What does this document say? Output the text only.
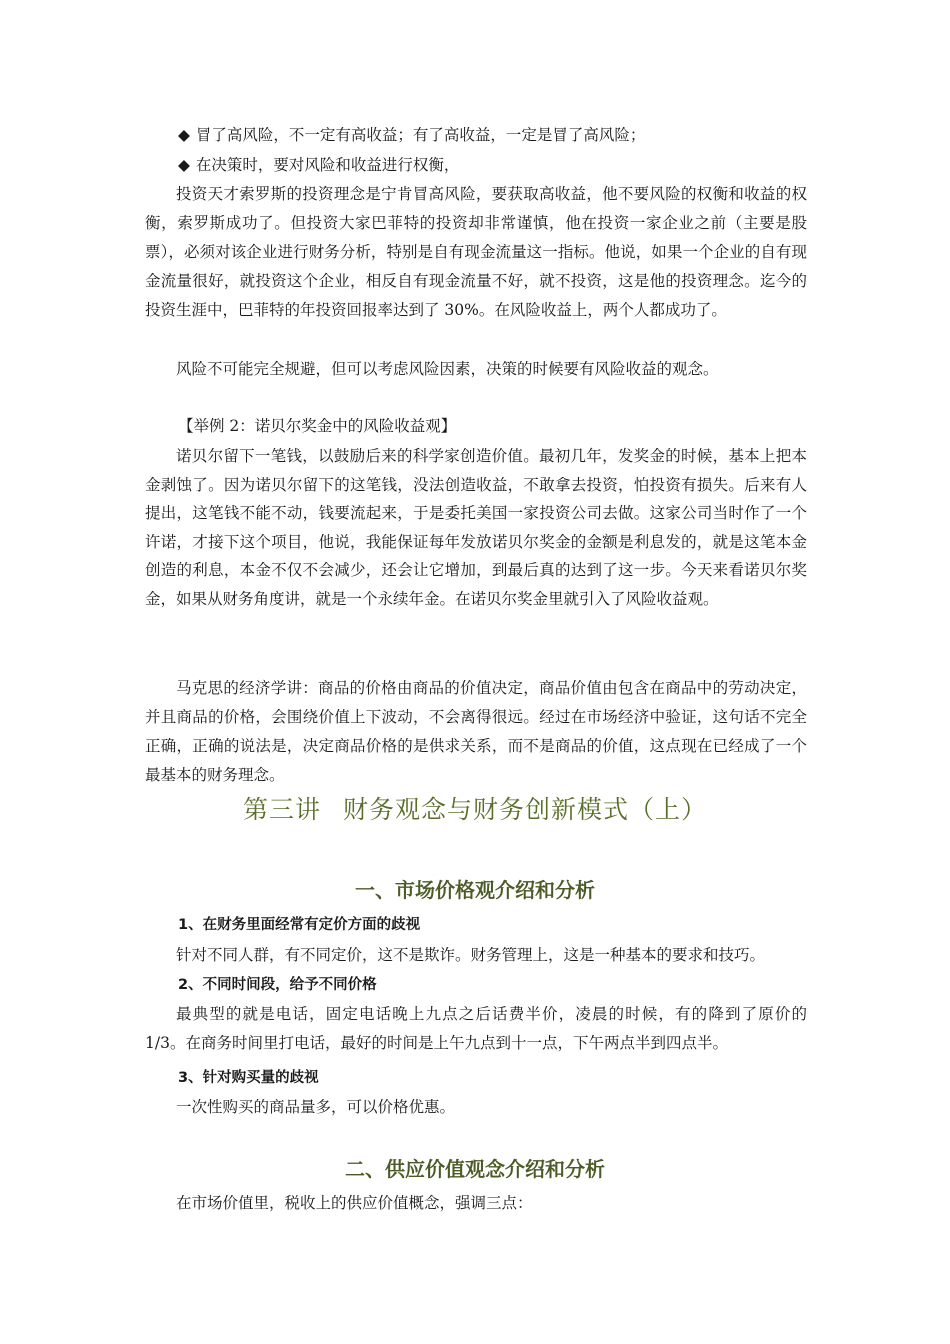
◆ 冒了高风险，不一定有高收益；有了高收益，一定是冒了高风险；
◆ 在决策时，要对风险和收益进行权衡，

投资天才索罗斯的投资理念是宁肯冒高风险，要获取高收益，他不要风险的权衡和收益的权衡，索罗斯成功了。但投资大家巴菲特的投资却非常谨慎，他在投资一家企业之前（主要是股票），必须对该企业进行财务分析，特别是自有现金流量这一指标。他说，如果一个企业的自有现金流量很好，就投资这个企业，相反自有现金流量不好，就不投资，这是他的投资理念。迄今的投资生涯中，巴菲特的年投资回报率达到了 30%。在风险收益上，两个人都成功了。

风险不可能完全规避，但可以考虑风险因素，决策的时候要有风险收益的观念。

【举例 2：诺贝尔奖金中的风险收益观】

诺贝尔留下一笔钱，以鼓励后来的科学家创造价值。最初几年，发奖金的时候，基本上把本金剥蚀了。因为诺贝尔留下的这笔钱，没法创造收益，不敢拿去投资，怕投资有损失。后来有人提出，这笔钱不能不动，钱要流起来，于是委托美国一家投资公司去做。这家公司当时作了一个许诺，才接下这个项目，他说，我能保证每年发放诺贝尔奖金的金额是利息发的，就是这笔本金创造的利息，本金不仅不会减少，还会让它增加，到最后真的达到了这一步。今天来看诺贝尔奖金，如果从财务角度讲，就是一个永续年金。在诺贝尔奖金里就引入了风险收益观。

马克思的经济学讲：商品的价格由商品的价值决定，商品价值由包含在商品中的劳动决定，并且商品的价格，会围绕价值上下波动，不会离得很远。经过在市场经济中验证，这句话不完全正确，正确的说法是，决定商品价格的是供求关系，而不是商品的价值，这点现在已经成了一个最基本的财务理念。

第三讲 财务观念与财务创新模式（上）
一、市场价格观介绍和分析
1、在财务里面经常有定价方面的歧视

针对不同人群，有不同定价，这不是欺诈。财务管理上，这是一种基本的要求和技巧。

2、不同时间段，给予不同价格

最典型的就是电话，固定电话晚上九点之后话费半价，凌晨的时候，有的降到了原价的 1/3。在商务时间里打电话，最好的时间是上午九点到十一点，下午两点半到四点半。

3、针对购买量的歧视

一次性购买的商品量多，可以价格优惠。

二、供应价值观念介绍和分析

在市场价值里，税收上的供应价值概念，强调三点：
